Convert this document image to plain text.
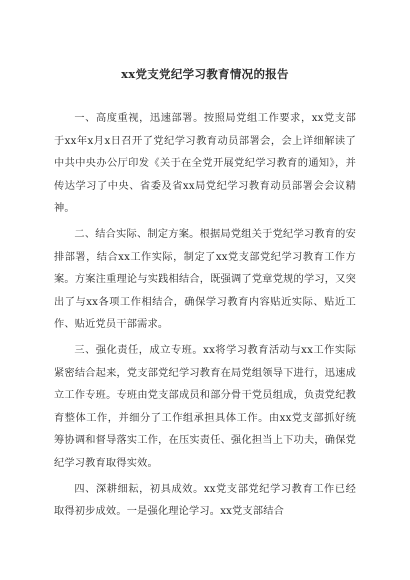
xx党支党纪学习教育情况的报告

一、高度重视，迅速部署。按照局党组工作要求，xx党支部于xx年x月x日召开了党纪学习教育动员部署会，会上详细解读了中共中央办公厅印发《关于在全党开展党纪学习教育的通知》，并传达学习了中央、省委及省xx局党纪学习教育动员部署会会议精神。

二、结合实际、制定方案。根据局党组关于党纪学习教育的安排部署，结合xx工作实际，制定了xx党支部党纪学习教育工作方案。方案注重理论与实践相结合，既强调了党章党规的学习，又突出了与xx各项工作相结合，确保学习教育内容贴近实际、贴近工作、贴近党员干部需求。

三、强化责任，成立专班。xx将学习教育活动与xx工作实际紧密结合起来，党支部党纪学习教育在局党组领导下进行，迅速成立工作专班。专班由党支部成员和部分骨干党员组成，负责党纪教育整体工作，并细分了工作组承担具体工作。由xx党支部抓好统筹协调和督导落实工作，在压实责任、强化担当上下功夫，确保党纪学习教育取得实效。

四、深耕细耘，初具成效。xx党支部党纪学习教育工作已经取得初步成效。一是强化理论学习。xx党支部结合
